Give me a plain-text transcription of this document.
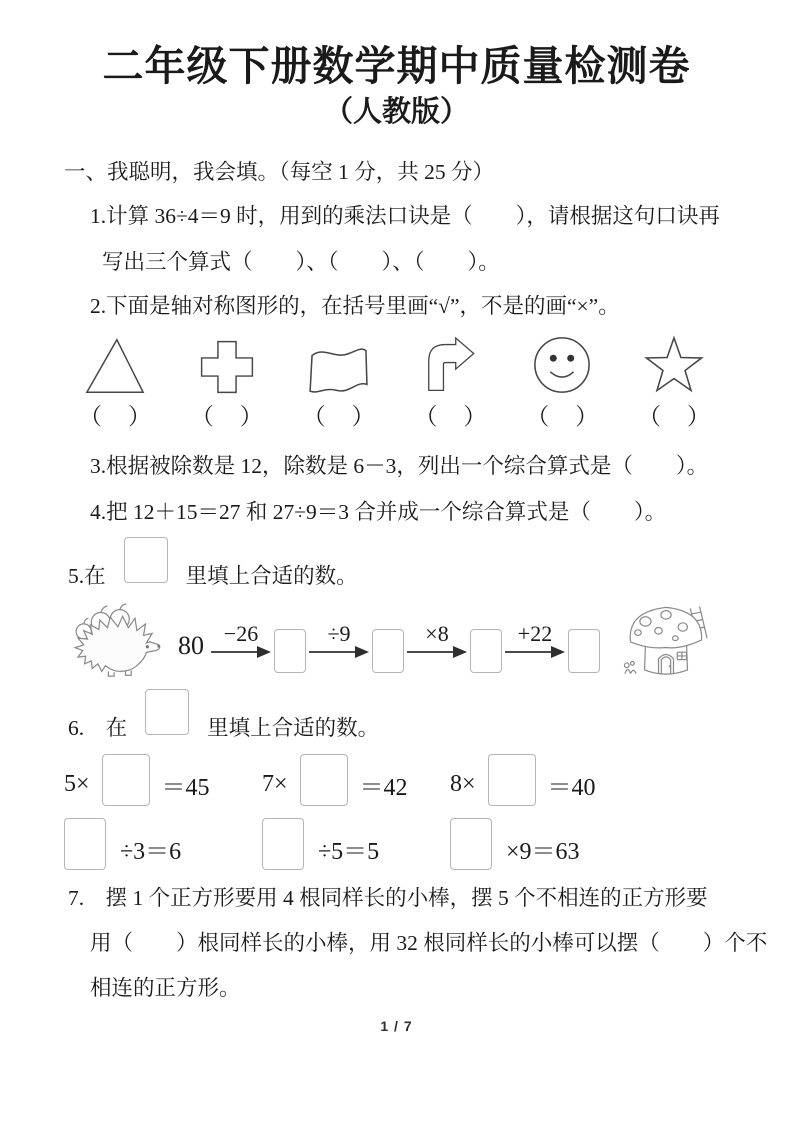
二年级下册数学期中质量检测卷
（人教版）
一、我聪明，我会填。（每空 1 分，共 25 分）
1.计算 36÷4＝9 时，用到的乘法口诀是（　　），请根据这句口诀再
写出三个算式（　　）、（　　）、（　　）。
2.下面是轴对称图形的，在括号里画“√”，不是的画“×”。
（ ） （ ） （ ） （ ） （ ） （ ）
3.根据被除数是 12，除数是 6－3，列出一个综合算式是（　　）。
4.把 12＋15＝27 和 27÷9＝3 合并成一个综合算式是（　　）。
5.在	里填上合适的数。
80 −26	÷9	×8	+22
6.　在	里填上合适的数。
5×	＝45 7×	＝42 8×	＝40
÷3＝6	÷5＝5	×9＝63
7.　摆 1 个正方形要用 4 根同样长的小棒，摆 5 个不相连的正方形要
用（　　）根同样长的小棒，用 32 根同样长的小棒可以摆（　　）个不
相连的正方形。
1 / 7
